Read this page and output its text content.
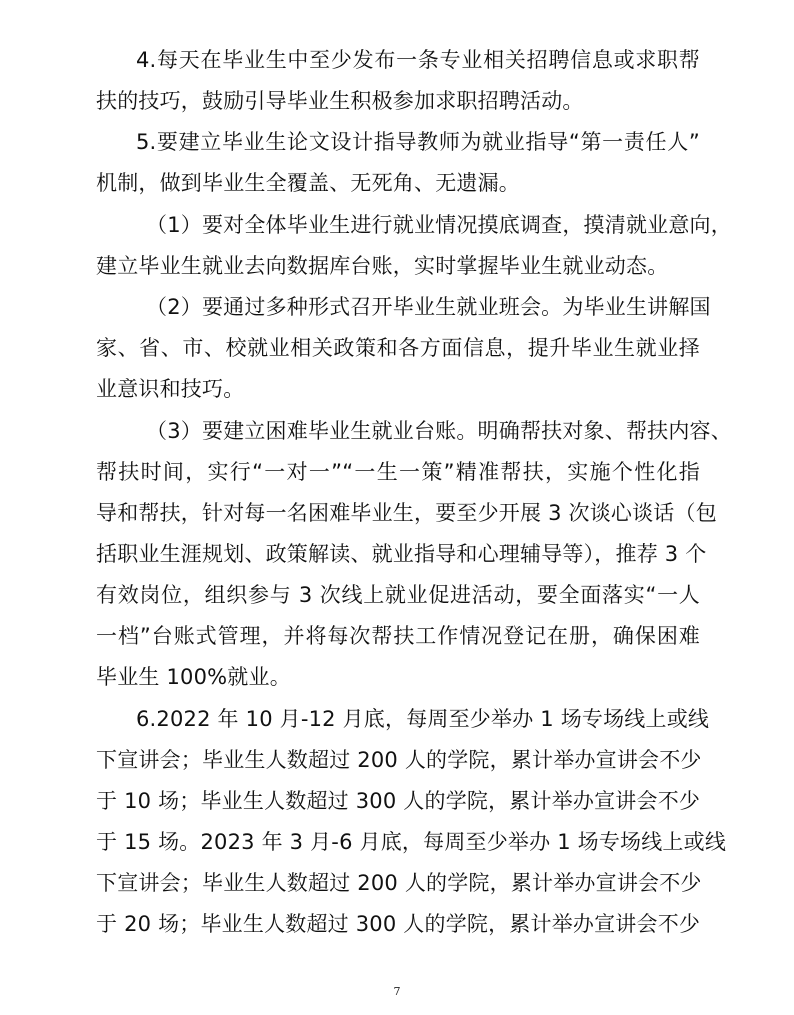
4.每天在毕业生中至少发布一条专业相关招聘信息或求职帮

扶的技巧，鼓励引导毕业生积极参加求职招聘活动。

5.要建立毕业生论文设计指导教师为就业指导“第一责任人”

机制，做到毕业生全覆盖、无死角、无遗漏。

（1）要对全体毕业生进行就业情况摸底调查，摸清就业意向，

建立毕业生就业去向数据库台账，实时掌握毕业生就业动态。

（2）要通过多种形式召开毕业生就业班会。为毕业生讲解国

家、省、市、校就业相关政策和各方面信息，提升毕业生就业择

业意识和技巧。

（3）要建立困难毕业生就业台账。明确帮扶对象、帮扶内容、

帮扶时间，实行“一对一”“一生一策”精准帮扶，实施个性化指

导和帮扶，针对每一名困难毕业生，要至少开展 3 次谈心谈话（包

括职业生涯规划、政策解读、就业指导和心理辅导等），推荐 3 个

有效岗位，组织参与 3 次线上就业促进活动，要全面落实“一人

一档”台账式管理，并将每次帮扶工作情况登记在册，确保困难

毕业生 100%就业。

6.2022 年 10 月-12 月底，每周至少举办 1 场专场线上或线

下宣讲会；毕业生人数超过 200 人的学院，累计举办宣讲会不少

于 10 场；毕业生人数超过 300 人的学院，累计举办宣讲会不少

于 15 场。2023 年 3 月-6 月底，每周至少举办 1 场专场线上或线

下宣讲会；毕业生人数超过 200 人的学院，累计举办宣讲会不少

于 20 场；毕业生人数超过 300 人的学院，累计举办宣讲会不少

7
